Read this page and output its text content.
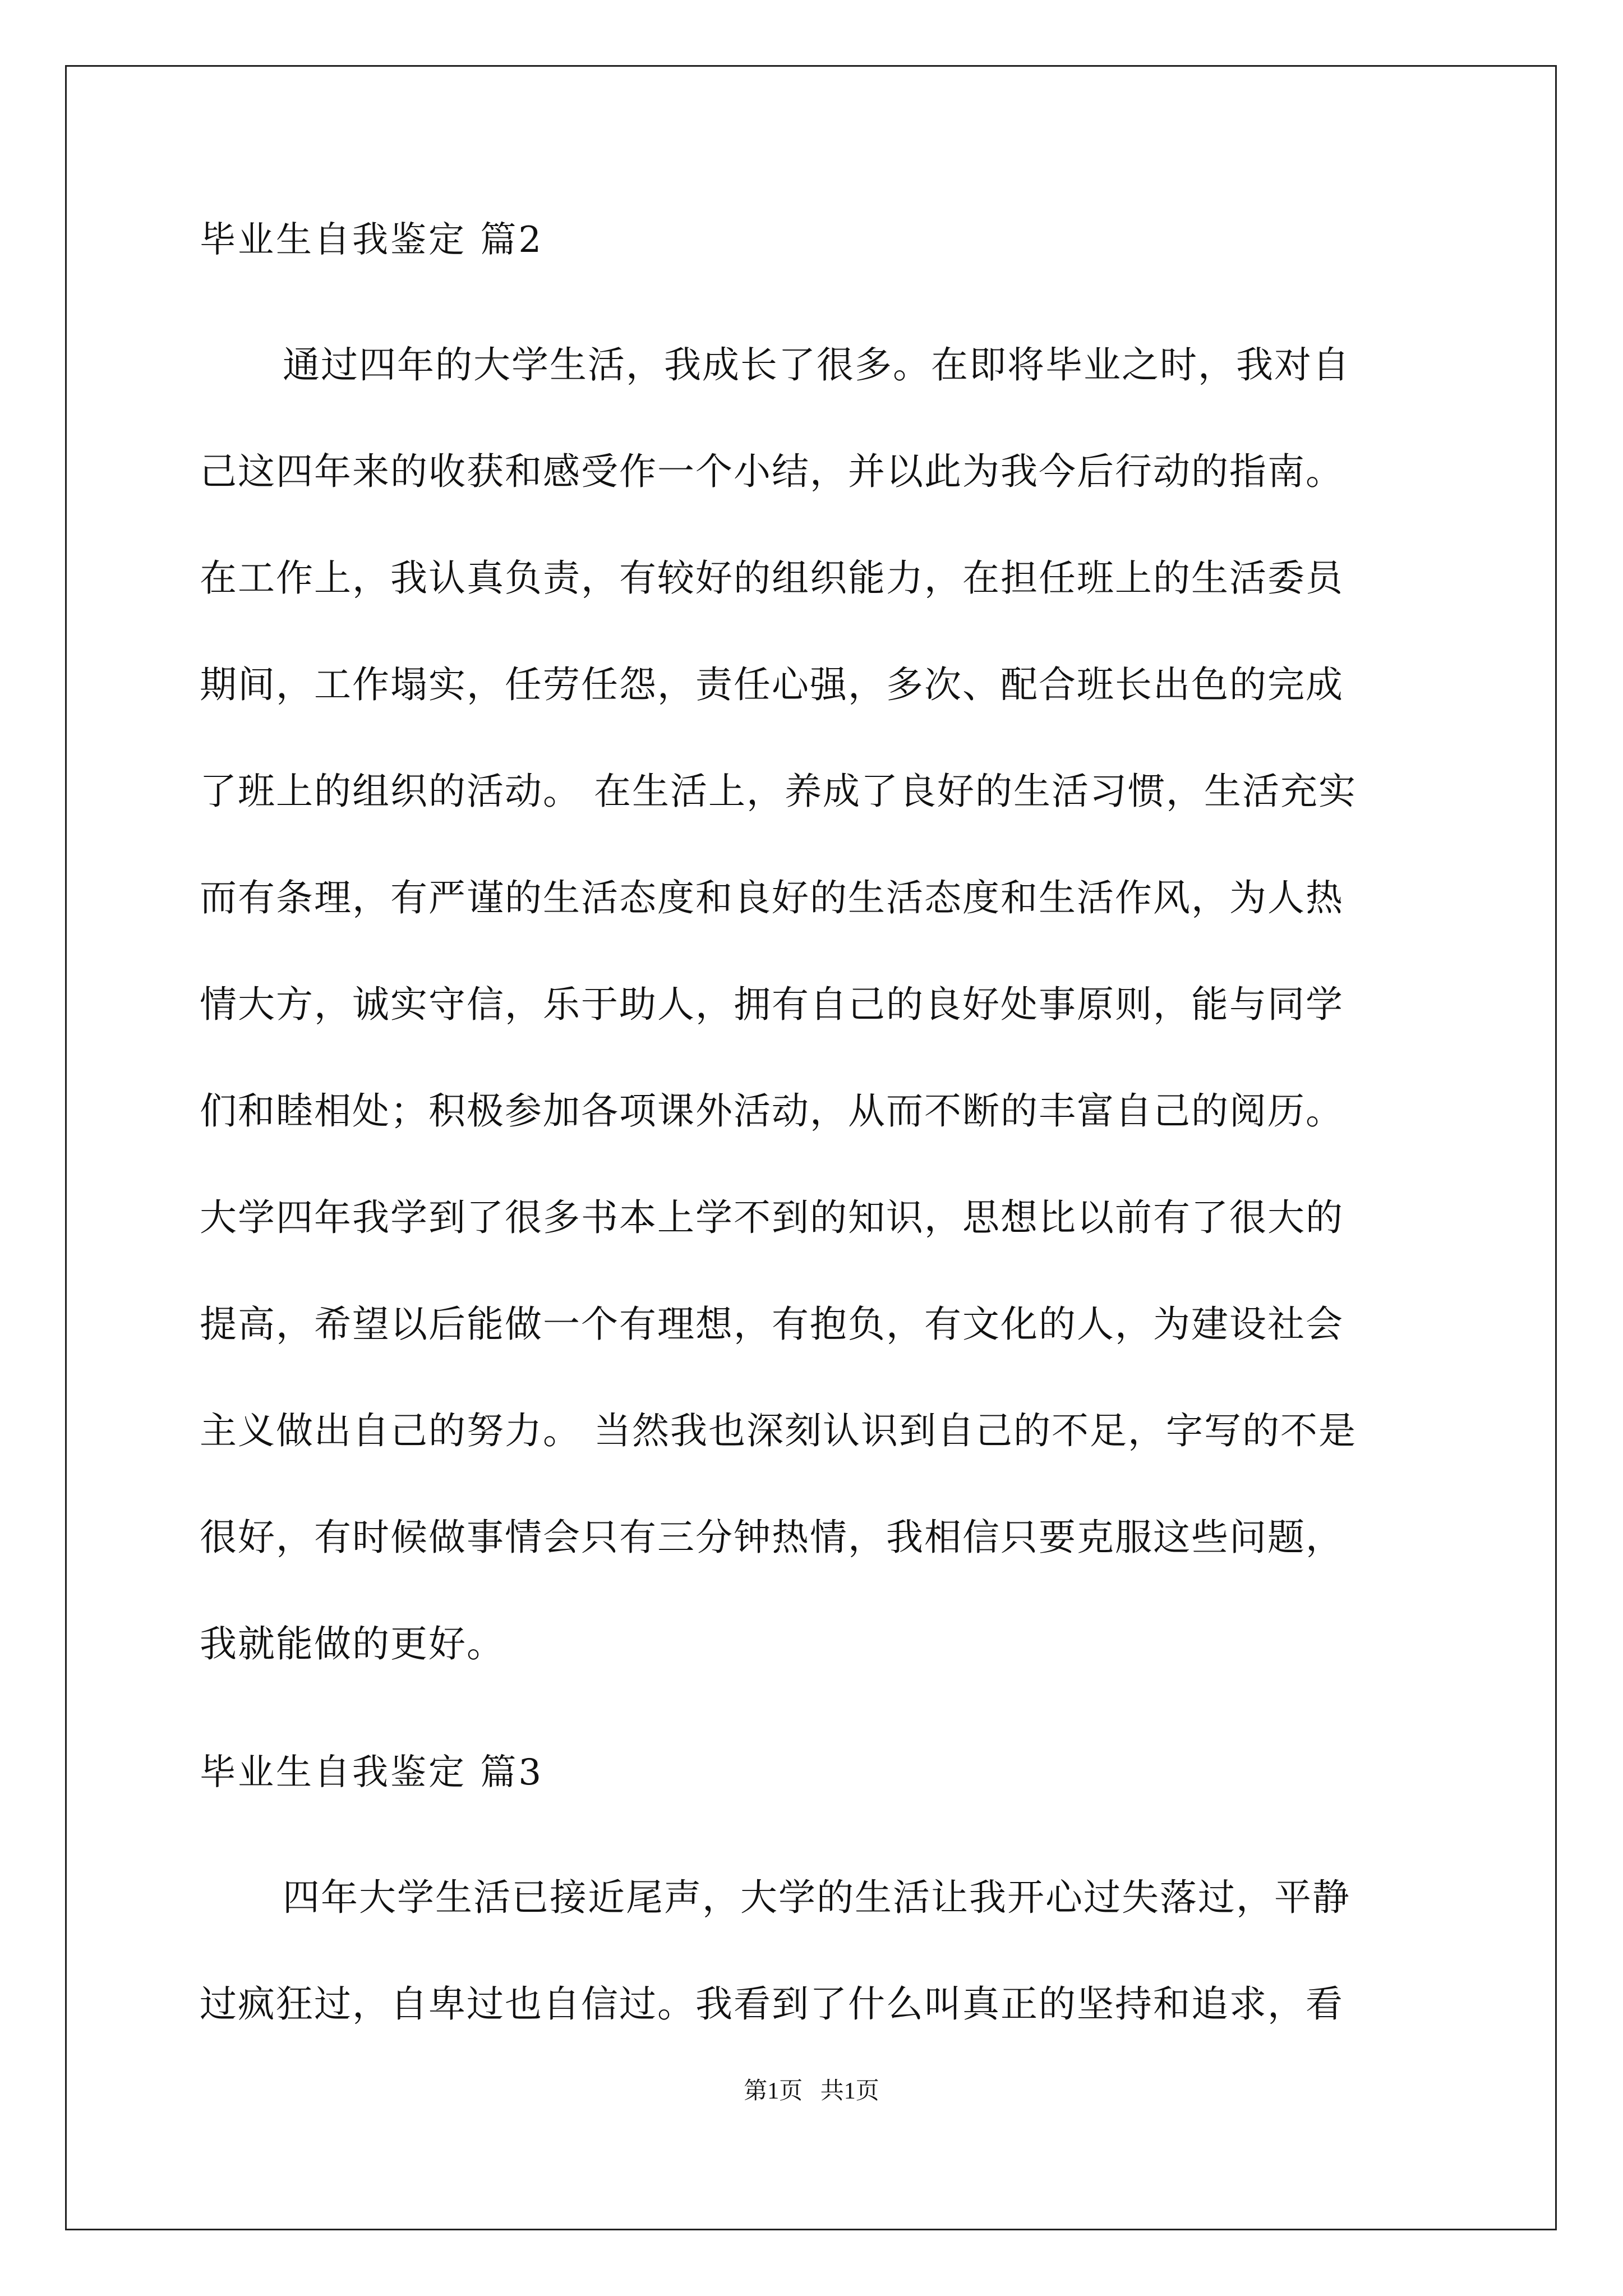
毕业生自我鉴定 篇2
通过四年的大学生活，我成长了很多。在即将毕业之时，我对自
己这四年来的收获和感受作一个小结，并以此为我今后行动的指南。
在工作上，我认真负责，有较好的组织能力，在担任班上的生活委员
期间，工作塌实，任劳任怨，责任心强，多次、配合班长出色的完成
了班上的组织的活动。 在生活上，养成了良好的生活习惯，生活充实
而有条理，有严谨的生活态度和良好的生活态度和生活作风，为人热
情大方，诚实守信，乐于助人，拥有自己的良好处事原则，能与同学
们和睦相处；积极参加各项课外活动，从而不断的丰富自己的阅历。
大学四年我学到了很多书本上学不到的知识，思想比以前有了很大的
提高，希望以后能做一个有理想，有抱负，有文化的人，为建设社会
主义做出自己的努力。 当然我也深刻认识到自己的不足，字写的不是
很好，有时候做事情会只有三分钟热情，我相信只要克服这些问题，
我就能做的更好。
毕业生自我鉴定 篇3
四年大学生活已接近尾声，大学的生活让我开心过失落过，平静
过疯狂过，自卑过也自信过。我看到了什么叫真正的坚持和追求，看
第1页   共1页
